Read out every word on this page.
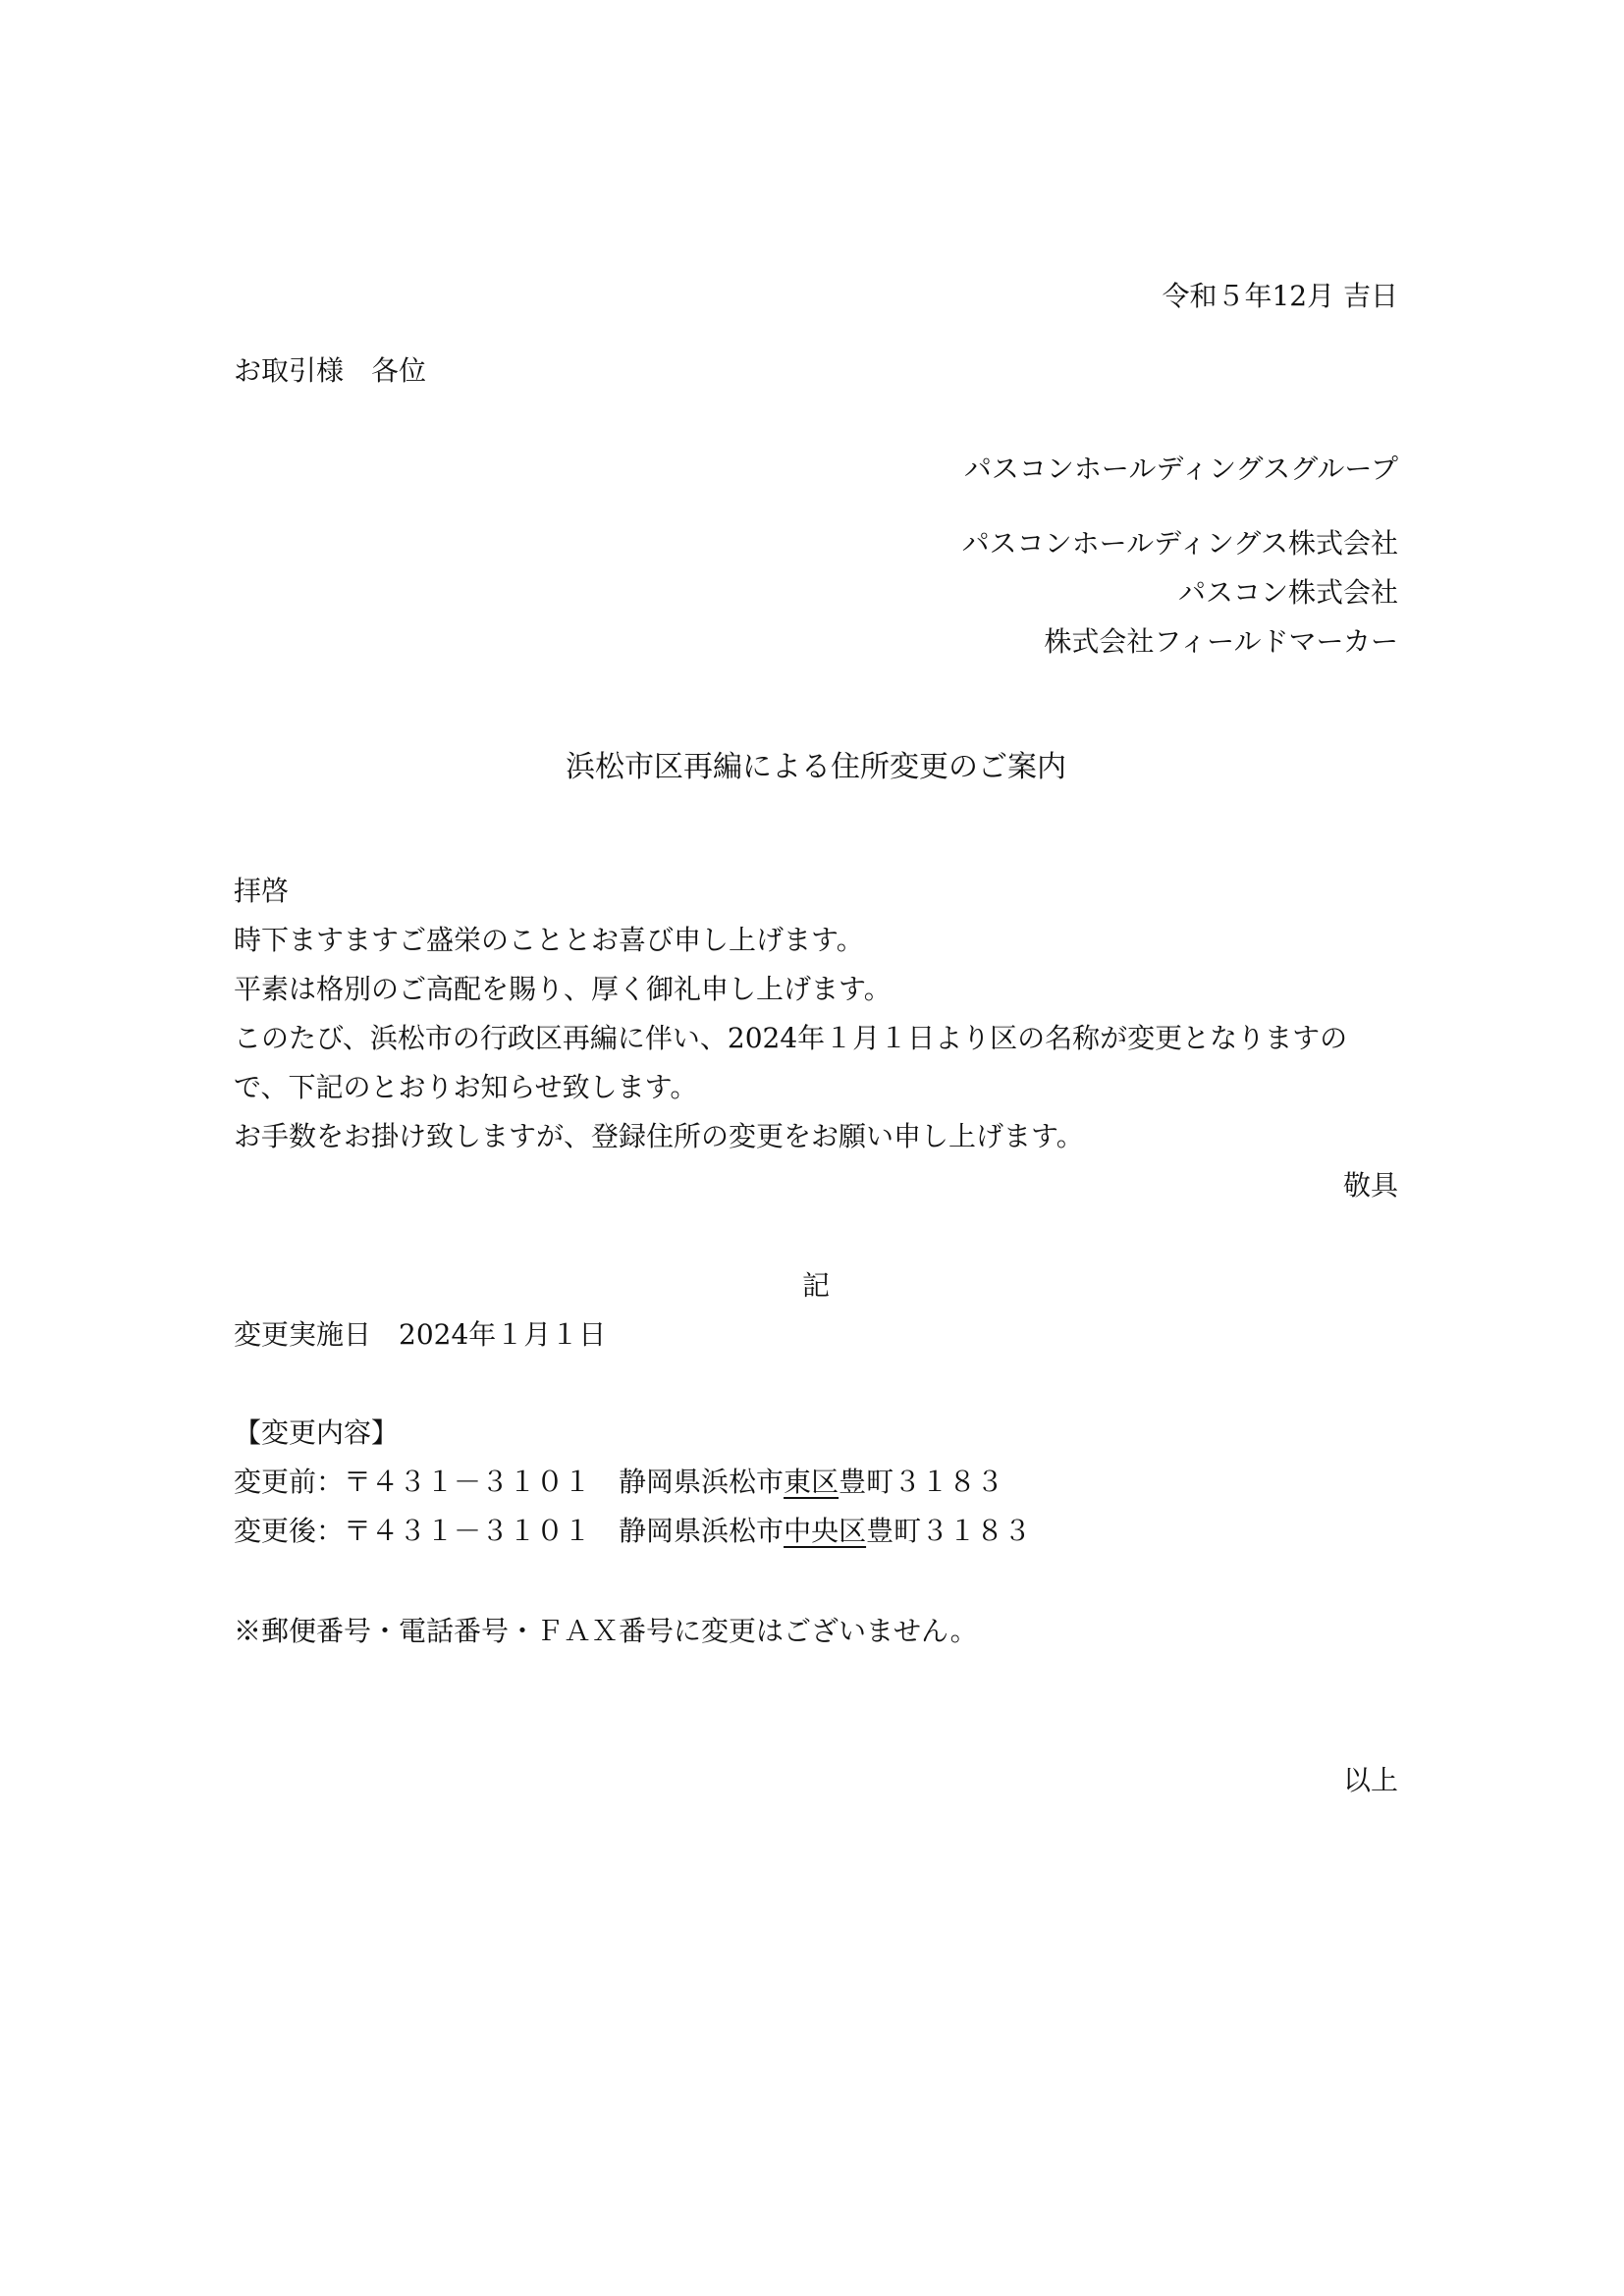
令和５年12月 吉日
お取引様　各位
パスコンホールディングスグループ
パスコンホールディングス株式会社
パスコン株式会社
株式会社フィールドマーカー
浜松市区再編による住所変更のご案内
拝啓
時下ますますご盛栄のこととお喜び申し上げます。
平素は格別のご高配を賜り、厚く御礼申し上げます。
このたび、浜松市の行政区再編に伴い、2024年１月１日より区の名称が変更となりますの
で、下記のとおりお知らせ致します。
お手数をお掛け致しますが、登録住所の変更をお願い申し上げます。
敬具
記
変更実施日　 2024年１月１日
【変更内容】
変更前：〒４３１－３１０１　 静岡県浜松市東区豊町３１８３
変更後：〒４３１－３１０１　 静岡県浜松市中央区豊町３１８３
※郵便番号・電話番号・ＦＡＸ番号に変更はございません。
以上
